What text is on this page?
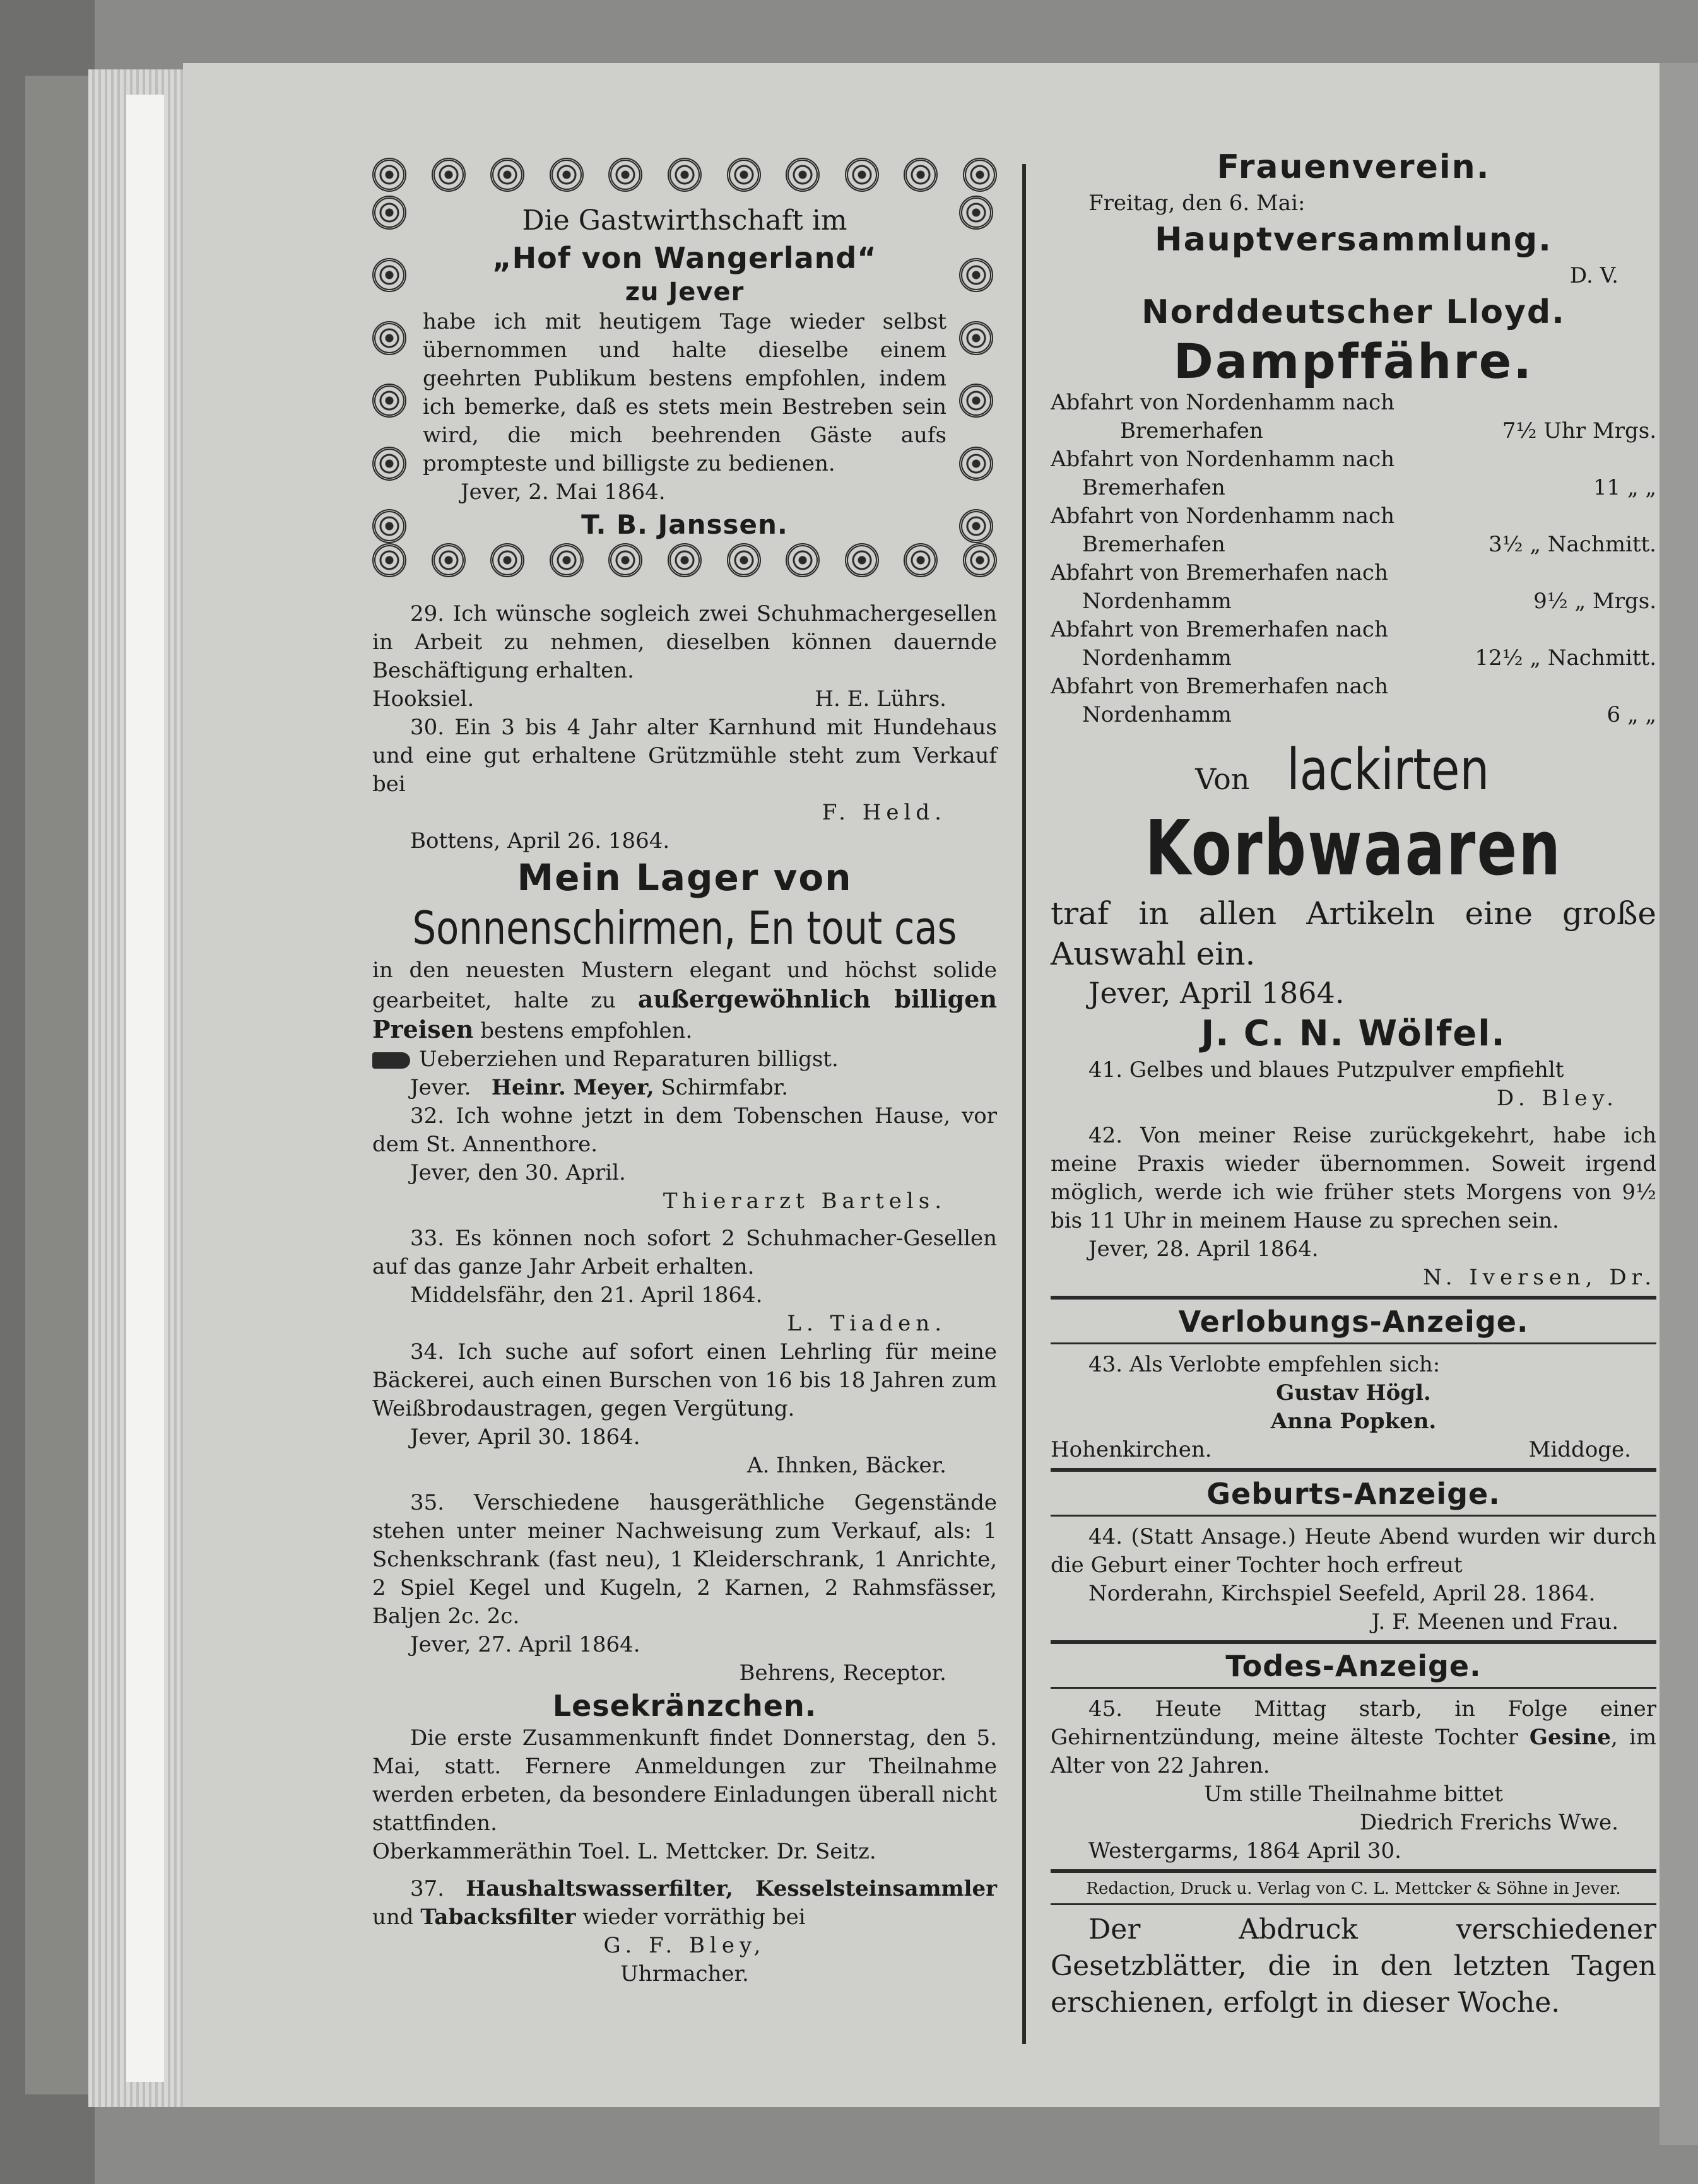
Die Gastwirthschaft im
„Hof von Wangerland“
zu Jever

habe ich mit heutigem Tage wieder selbst übernommen und halte dieselbe einem geehrten Publikum bestens empfohlen, indem ich bemerke, daß es stets mein Bestreben sein wird, die mich beehrenden Gäste aufs prompteste und billigste zu bedienen.

Jever, 2. Mai 1864.

T. B. Janssen.

29. Ich wünsche sogleich zwei Schuhmachergesellen in Arbeit zu nehmen, dieselben können dauernde Beschäftigung erhalten.

Hooksiel.	H. E. Lührs.

30. Ein 3 bis 4 Jahr alter Karnhund mit Hundehaus und eine gut erhaltene Grützmühle steht zum Verkauf bei

F. Held.

Bottens, April 26. 1864.

Mein Lager von
Sonnenschirmen, En tout cas

in den neuesten Mustern elegant und höchst solide gearbeitet, halte zu außergewöhnlich billigen Preisen bestens empfohlen.

Ueberziehen und Reparaturen billigst.

Jever. Heinr. Meyer, Schirmfabr.

32. Ich wohne jetzt in dem Tobenschen Hause, vor dem St. Annenthore.

Jever, den 30. April.

Thierarzt Bartels.

33. Es können noch sofort 2 Schuhmacher-Gesellen auf das ganze Jahr Arbeit erhalten.

Middelsfähr, den 21. April 1864.

L. Tiaden.

34. Ich suche auf sofort einen Lehrling für meine Bäckerei, auch einen Burschen von 16 bis 18 Jahren zum Weißbrodaustragen, gegen Vergütung.

Jever, April 30. 1864.

A. Ihnken, Bäcker.

35. Verschiedene hausgeräthliche Gegenstände stehen unter meiner Nachweisung zum Verkauf, als: 1 Schenkschrank (fast neu), 1 Kleiderschrank, 1 Anrichte, 2 Spiel Kegel und Kugeln, 2 Karnen, 2 Rahmsfässer, Baljen 2c. 2c.

Jever, 27. April 1864.

Behrens, Receptor.

Lesekränzchen.

Die erste Zusammenkunft findet Donnerstag, den 5. Mai, statt. Fernere Anmeldungen zur Theilnahme werden erbeten, da besondere Einladungen überall nicht stattfinden.

Oberkammeräthin Toel. L. Mettcker. Dr. Seitz.

37. Haushaltswasserfilter, Kesselsteinsammler und Tabacksfilter wieder vorräthig bei

G. F. Bley,

Uhrmacher.

Frauenverein.

Freitag, den 6. Mai:

Hauptversammlung.

D. V.

Norddeutscher Lloyd.
Dampffähre.

Abfahrt von Nordenhamm nach

Bremerhafen	7½ Uhr Mrgs.

Abfahrt von Nordenhamm nach

Bremerhafen	11 „ „

Abfahrt von Nordenhamm nach

Bremerhafen	3½ „ Nachmitt.

Abfahrt von Bremerhafen nach

Nordenhamm	9½ „ Mrgs.

Abfahrt von Bremerhafen nach

Nordenhamm	12½ „ Nachmitt.

Abfahrt von Bremerhafen nach

Nordenhamm	6 „ „
Von lackirten
Korbwaaren

traf in allen Artikeln eine große Auswahl ein.

Jever, April 1864.

J. C. N. Wölfel.

41. Gelbes und blaues Putzpulver empfiehlt

D. Bley.

42. Von meiner Reise zurückgekehrt, habe ich meine Praxis wieder übernommen. Soweit irgend möglich, werde ich wie früher stets Morgens von 9½ bis 11 Uhr in meinem Hause zu sprechen sein.

Jever, 28. April 1864.

N. Iversen, Dr.

Verlobungs-Anzeige.

43. Als Verlobte empfehlen sich:

Gustav Högl.

Anna Popken.

Hohenkirchen.	Middoge.
Geburts-Anzeige.

44. (Statt Ansage.) Heute Abend wurden wir durch die Geburt einer Tochter hoch erfreut

Norderahn, Kirchspiel Seefeld, April 28. 1864.

J. F. Meenen und Frau.

Todes-Anzeige.

45. Heute Mittag starb, in Folge einer Gehirnentzündung, meine älteste Tochter Gesine, im Alter von 22 Jahren.

Um stille Theilnahme bittet

Diedrich Frerichs Wwe.

Westergarms, 1864 April 30.

Redaction, Druck u. Verlag von C. L. Mettcker & Söhne in Jever.

Der Abdruck verschiedener Gesetzblätter, die in den letzten Tagen erschienen, erfolgt in dieser Woche.
